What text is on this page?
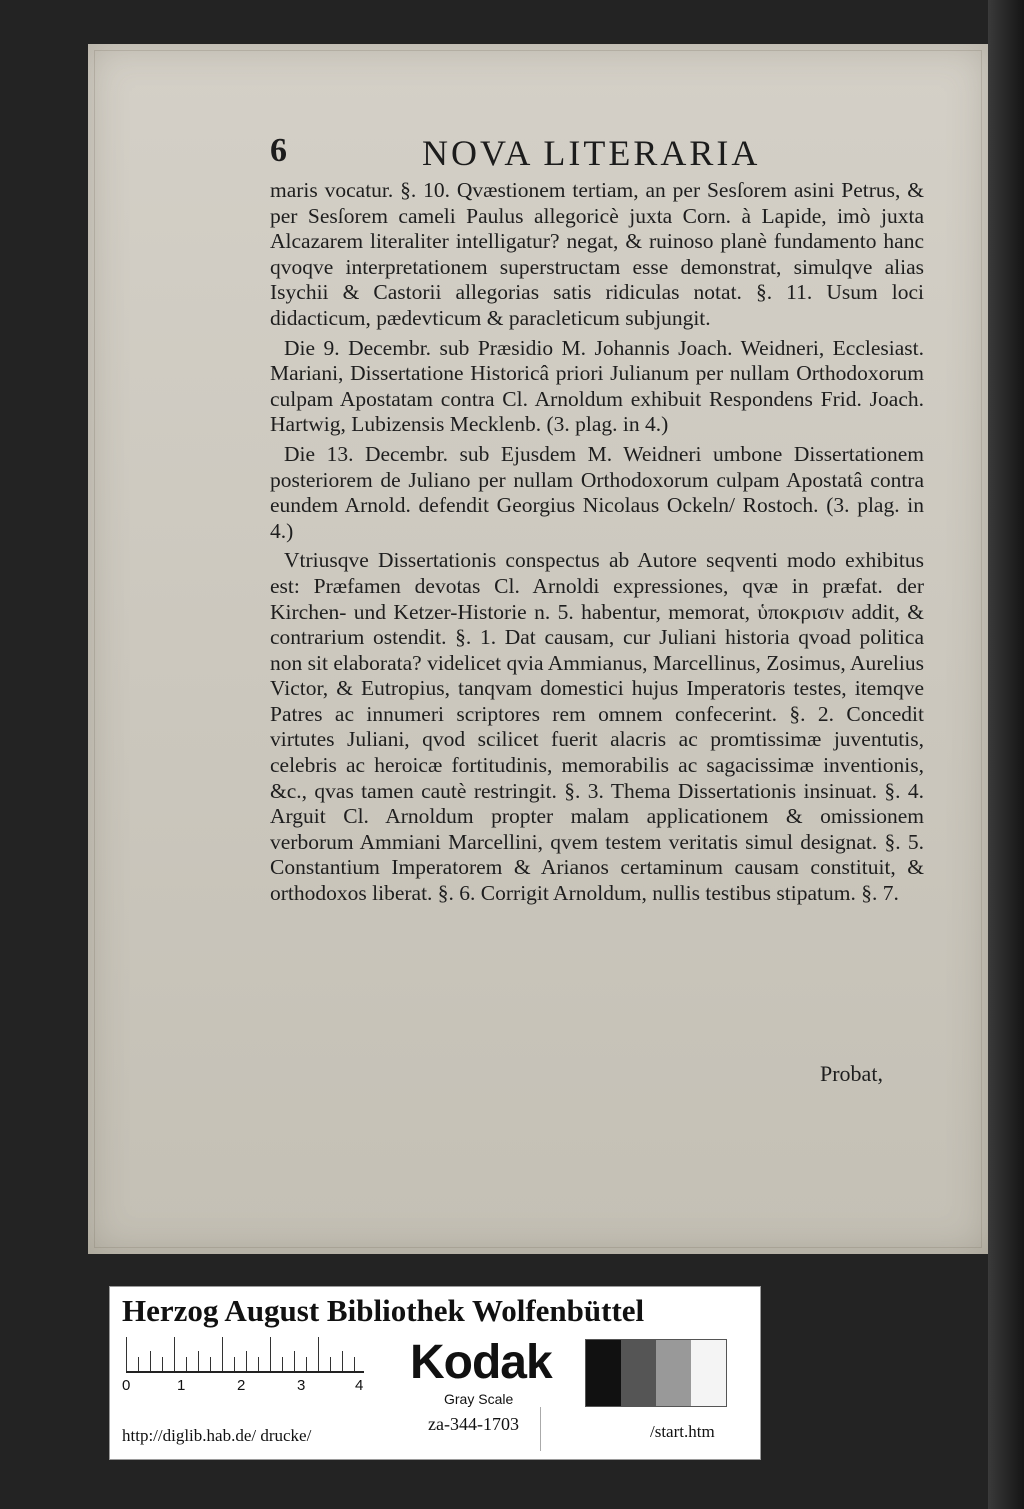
6	NOVA LITERARIA

maris vocatur. §. 10. Qvæstionem tertiam, an per Sesſorem asini Petrus, & per Sesſorem cameli Paulus allegoricè juxta Corn. à Lapide, imò juxta Alcazarem literaliter intelligatur? negat, & ruinoso planè fundamento hanc qvoqve interpretationem superstructam esse demonstrat, simulqve alias Isychii & Castorii allegorias satis ridiculas notat. §. 11. Usum loci didacticum, pædevticum & paracleticum subjungit.

Die 9. Decembr. sub Præsidio M. Johannis Joach. Weidneri, Ecclesiast. Mariani, Dissertatione Historicâ priori Julianum per nullam Orthodoxorum culpam Apostatam contra Cl. Arnoldum exhibuit Respondens Frid. Joach. Hartwig, Lubizensis Mecklenb. (3. plag. in 4.)

Die 13. Decembr. sub Ejusdem M. Weidneri umbone Dissertationem posteriorem de Juliano per nullam Orthodoxorum culpam Apostatâ contra eundem Arnold. defendit Georgius Nicolaus Ockeln/ Rostoch. (3. plag. in 4.)

Vtriusqve Dissertationis conspectus ab Autore seqventi modo exhibitus est: Præfamen devotas Cl. Arnoldi expressiones, qvæ in præfat. der Kirchen- und Ketzer-Historie n. 5. habentur, memorat, ὑποκρισιν addit, & contrarium ostendit. §. 1. Dat causam, cur Juliani historia qvoad politica non sit elaborata? videlicet qvia Ammianus, Marcellinus, Zosimus, Aurelius Victor, & Eutropius, tanqvam domestici hujus Imperatoris testes, itemqve Patres ac innumeri scriptores rem omnem confecerint. §. 2. Concedit virtutes Juliani, qvod scilicet fuerit alacris ac promtissimæ juventutis, celebris ac heroicæ fortitudinis, memorabilis ac sagacissimæ inventionis, &c., qvas tamen cautè restringit. §. 3. Thema Dissertationis insinuat. §. 4. Arguit Cl. Arnoldum propter malam applicationem & omissionem verborum Ammiani Marcellini, qvem testem veritatis simul designat. §. 5. Constantium Imperatorem & Arianos certaminum causam constituit, & orthodoxos liberat. §. 6. Corrigit Arnoldum, nullis testibus stipatum. §. 7.

Probat,
Herzog August Bibliothek Wolfenbüttel
0	1	2	3	4 Kodak
Gray Scale
http://diglib.hab.de/ drucke/
za-344-1703	/start.htm
